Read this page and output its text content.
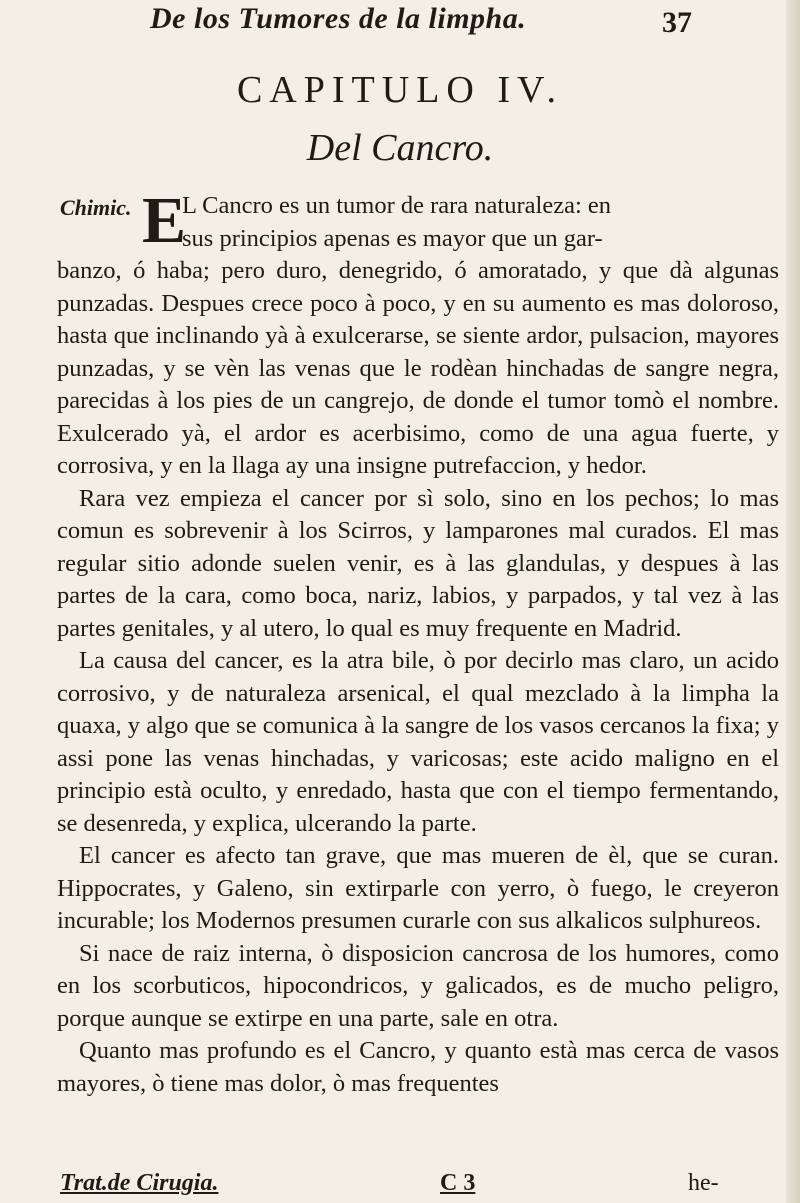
De los Tumores de la limpha.	37
CAPITULO IV.
Del Cancro.
Chimic. E
L Cancro es un tumor de rara naturaleza: en
sus principios apenas es mayor que un gar-

banzo, ó haba; pero duro, denegrido, ó amoratado, y que dà algunas punzadas. Despues crece poco à poco, y en su aumento es mas doloroso, hasta que inclinando yà à exulcerarse, se siente ardor, pulsacion, mayores punzadas, y se vèn las venas que le rodèan hinchadas de sangre negra, parecidas à los pies de un cangrejo, de donde el tumor tomò el nombre. Exulcerado yà, el ardor es acerbisimo, como de una agua fuerte, y corrosiva, y en la llaga ay una insigne putrefaccion, y hedor.

Rara vez empieza el cancer por sì solo, sino en los pechos; lo mas comun es sobrevenir à los Scirros, y lamparones mal curados. El mas regular sitio adonde suelen venir, es à las glandulas, y despues à las partes de la cara, como boca, nariz, labios, y parpados, y tal vez à las partes genitales, y al utero, lo qual es muy frequente en Madrid.

La causa del cancer, es la atra bile, ò por decirlo mas claro, un acido corrosivo, y de naturaleza arsenical, el qual mezclado à la limpha la quaxa, y algo que se comunica à la sangre de los vasos cercanos la fixa; y assi pone las venas hinchadas, y varicosas; este acido maligno en el principio està oculto, y enredado, hasta que con el tiempo fermentando, se desenreda, y explica, ulcerando la parte.

El cancer es afecto tan grave, que mas mueren de èl, que se curan. Hippocrates, y Galeno, sin extirparle con yerro, ò fuego, le creyeron incurable; los Modernos presumen curarle con sus alkalicos sulphureos.

Si nace de raiz interna, ò disposicion cancrosa de los humores, como en los scorbuticos, hipocondricos, y galicados, es de mucho peligro, porque aunque se extirpe en una parte, sale en otra.

Quanto mas profundo es el Cancro, y quanto està mas cerca de vasos mayores, ò tiene mas dolor, ò mas frequentes

Trat.de Cirugia.	C 3	he-
